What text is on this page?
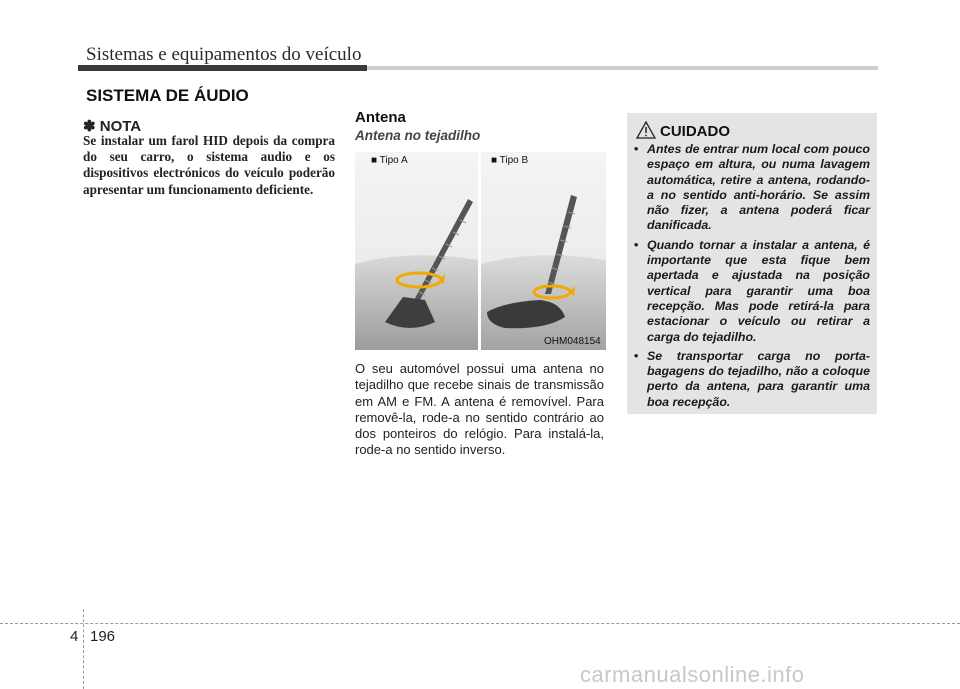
Sistemas e equipamentos do veículo
SISTEMA DE ÁUDIO
✽ NOTA
Se instalar um farol HID depois da compra do seu carro, o sistema audio e os dispositivos electrónicos do veículo poderão apresentar um funcionamento deficiente.
Antena
Antena no tejadilho
■ Tipo A	■ Tipo B
OHM048154
O seu automóvel possui uma antena no tejadilho que recebe sinais de transmissão em AM e FM. A antena é removível. Para removê-la, rode-a no sentido contrário ao dos ponteiros do relógio. Para instalá-la, rode-a no sentido inverso.
CUIDADO
• Antes de entrar num local com pouco espaço em altura, ou numa lavagem automática, retire a antena, rodando-a no sentido anti-horário. Se assim não fizer, a antena poderá ficar danificada.
• Quando tornar a instalar a antena, é importante que esta fique bem apertada e ajustada na posição vertical para garantir uma boa recepção. Mas pode retirá-la para estacionar o veículo ou retirar a carga do tejadilho.
• Se transportar carga no porta-bagagens do tejadilho, não a coloque perto da antena, para garantir uma boa recepção.
4 196
carmanualsonline.info
